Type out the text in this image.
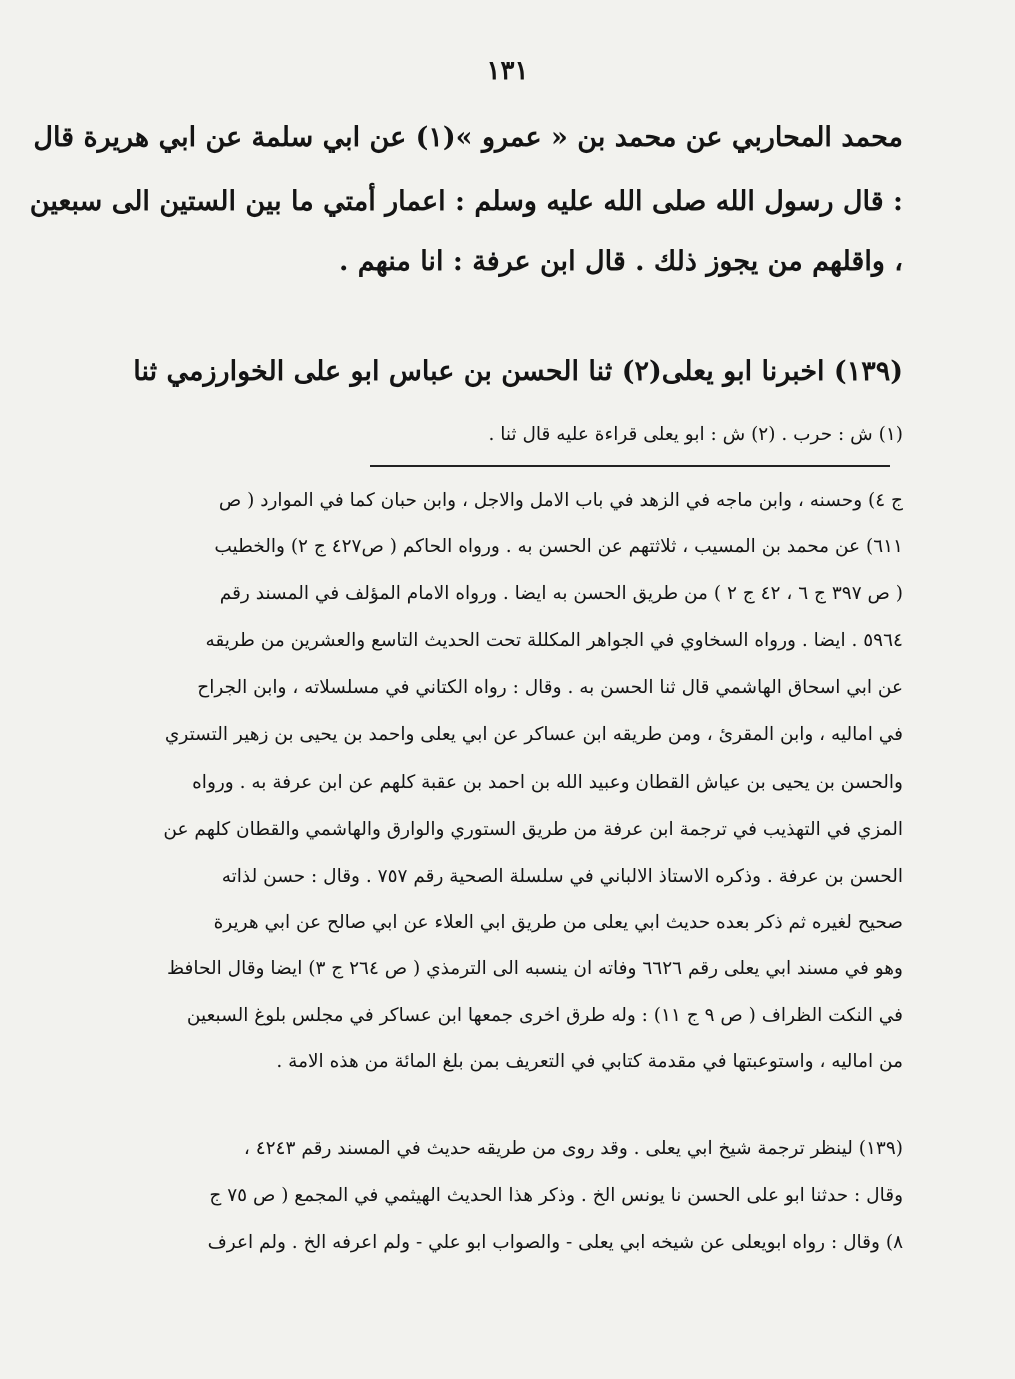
١٣١
محمد المحاربي عن محمد بن « عمرو »(١) عن ابي سلمة عن ابي هريرة قال
: قال رسول الله صلى الله عليه وسلم : اعمار أمتي ما بين الستين الى سبعين
، واقلهم من يجوز ذلك . قال ابن عرفة : انا منهم .
(١٣٩) اخبرنا ابو يعلى(٢) ثنا الحسن بن عباس ابو على الخوارزمي ثنا
(١) ش : حرب . (٢) ش : ابو يعلى قراءة عليه قال ثنا .
ج ٤) وحسنه ، وابن ماجه في الزهد في باب الامل والاجل ، وابن حبان كما في الموارد ( ص
٦١١) عن محمد بن المسيب ، ثلاثتهم عن الحسن به . ورواه الحاكم ( ص٤٢٧ ج ٢) والخطيب
( ص ٣٩٧ ج ٦ ، ٤٢ ج ٢ ) من طريق الحسن به ايضا . ورواه الامام المؤلف في المسند رقم
٥٩٦٤ . ايضا . ورواه السخاوي في الجواهر المكللة تحت الحديث التاسع والعشرين من طريقه
عن ابي اسحاق الهاشمي قال ثنا الحسن به . وقال : رواه الكتاني في مسلسلاته ، وابن الجراح
في اماليه ، وابن المقرئ ، ومن طريقه ابن عساكر عن ابي يعلى واحمد بن يحيى بن زهير التستري
والحسن بن يحيى بن عياش القطان وعبيد الله بن احمد بن عقبة كلهم عن ابن عرفة به . ورواه
المزي في التهذيب في ترجمة ابن عرفة من طريق الستوري والوارق والهاشمي والقطان كلهم عن
الحسن بن عرفة . وذكره الاستاذ الالباني في سلسلة الصحية رقم ٧٥٧ . وقال : حسن لذاته
صحيح لغيره ثم ذكر بعده حديث ابي يعلى من طريق ابي العلاء عن ابي صالح عن ابي هريرة
وهو في مسند ابي يعلى رقم ٦٦٢٦ وفاته ان ينسبه الى الترمذي ( ص ٢٦٤ ج ٣) ايضا وقال الحافظ
في النكت الظراف ( ص ٩ ج ١١) : وله طرق اخرى جمعها ابن عساكر في مجلس بلوغ السبعين
من اماليه ، واستوعبتها في مقدمة كتابي في التعريف بمن بلغ المائة من هذه الامة .
(١٣٩) لينظر ترجمة شيخ ابي يعلى . وقد روى من طريقه حديث في المسند رقم ٤٢٤٣ ،
وقال : حدثنا ابو على الحسن نا يونس الخ . وذكر هذا الحديث الهيثمي في المجمع ( ص ٧٥ ج
٨) وقال : رواه ابويعلى عن شيخه ابي يعلى - والصواب ابو علي - ولم اعرفه الخ . ولم اعرف
